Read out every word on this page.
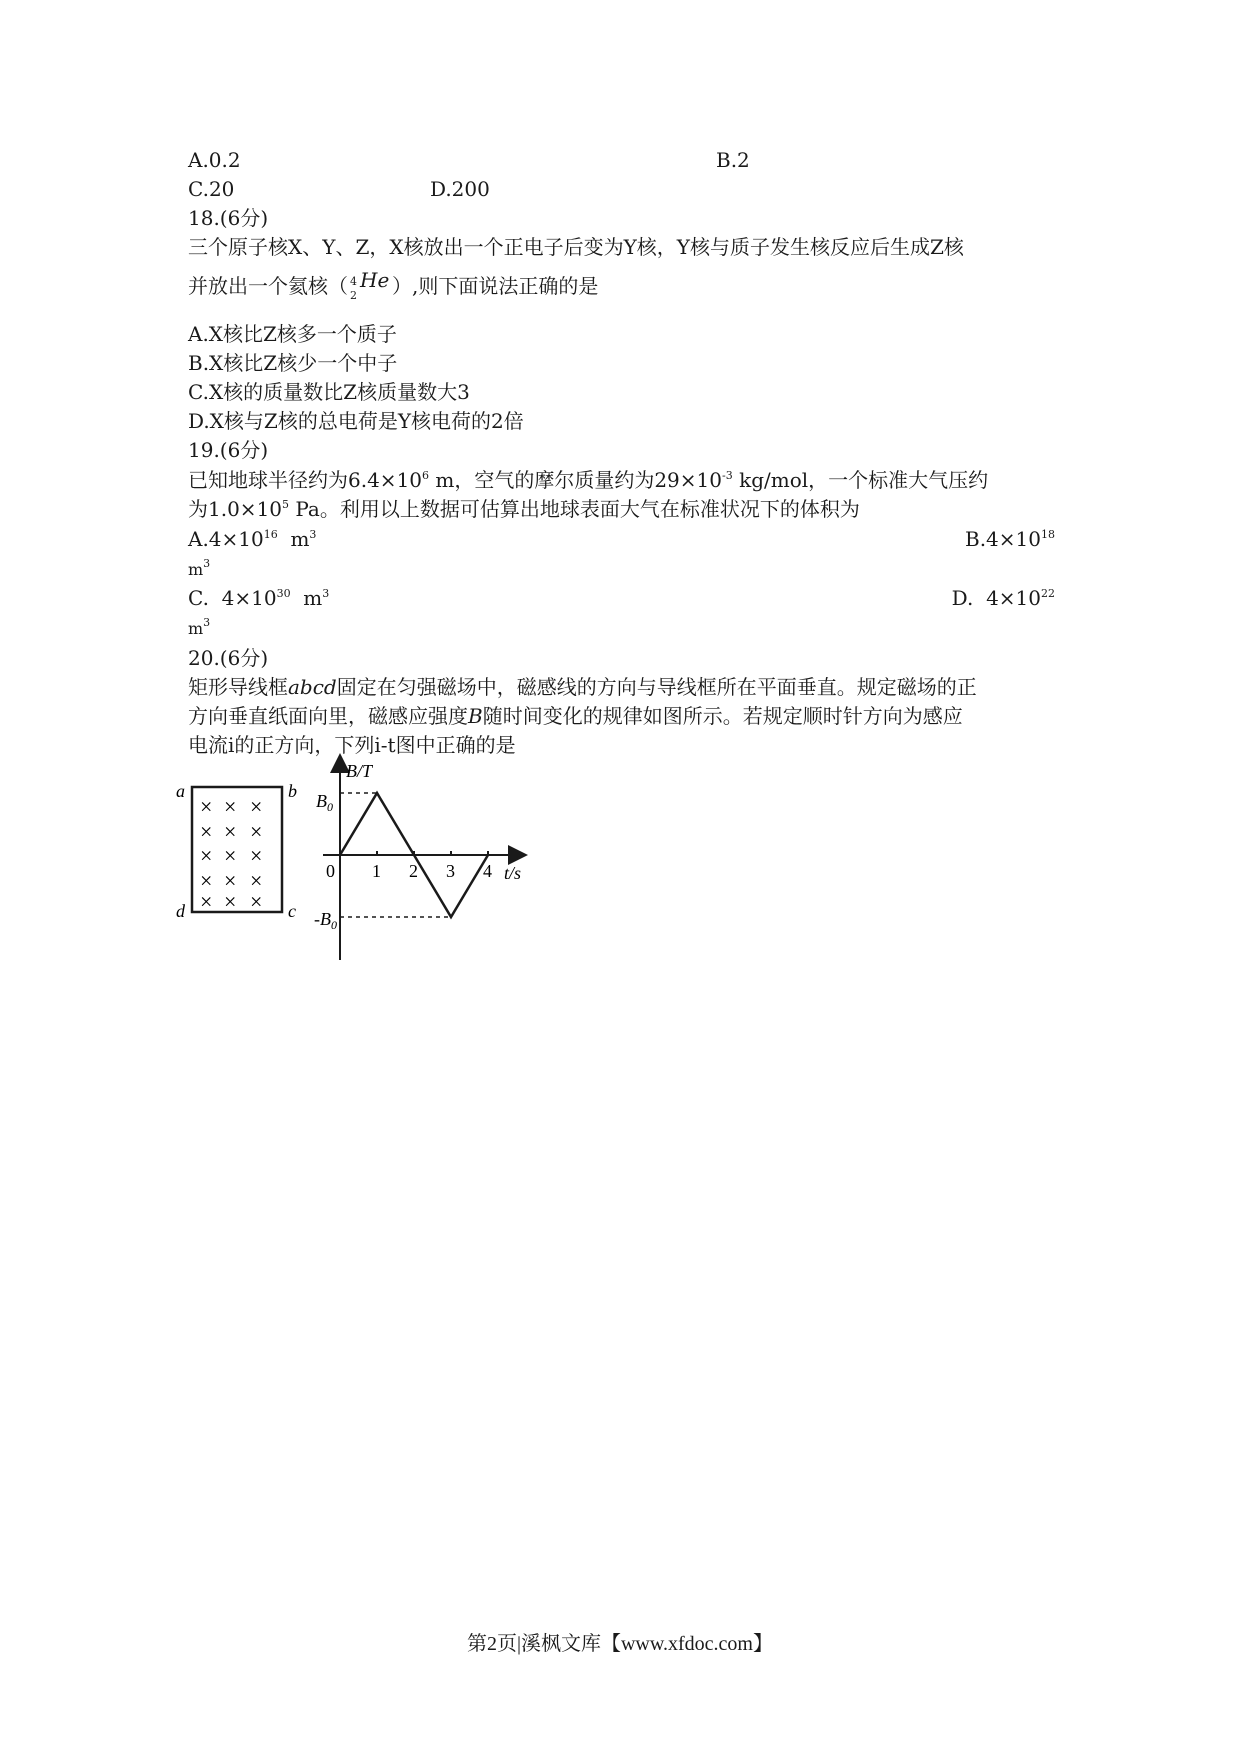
A.0.2	B.2
C.20	D.200
18.(6分)
三个原子核X、Y、Z，X核放出一个正电子后变为Y核，Y核与质子发生核反应后生成Z核
并放出一个氦核（ 4
2
He ）,则下面说法正确的是
A.X核比Z核多一个质子
B.X核比Z核少一个中子
C.X核的质量数比Z核质量数大3
D.X核与Z核的总电荷是Y核电荷的2倍
19.(6分)
已知地球半径约为$6.4\times 10^6$ m，空气的摩尔质量约为$29\times 10^{-3}$ kg/mol，一个标准大气压约
为$1.0\times 10^5$ Pa。利用以上数据可估算出地球表面大气在标准状况下的体积为
$A.4\times 10^{16}$  $m^3$	$B.4\times 10^{18}$
$m^3$
C.  $4\times 10^{30}$  $m^3$	D.  $4\times 10^{22}$
$m^3$
20.(6分)
矩形导线框abcd固定在匀强磁场中，磁感线的方向与导线框所在平面垂直。规定磁场的正
方向垂直纸面向里，磁感应强度B随时间变化的规律如图所示。若规定顺时针方向为感应
电流i的正方向，下列i-t图中正确的是
a	b
d	c
× × ×
× × ×
× × ×
× × ×
× × ×
B/T
t/s
$B_0$
$-B_0$
0 1 2 3 4
第2页|溪枫文库【www.xfdoc.com】
